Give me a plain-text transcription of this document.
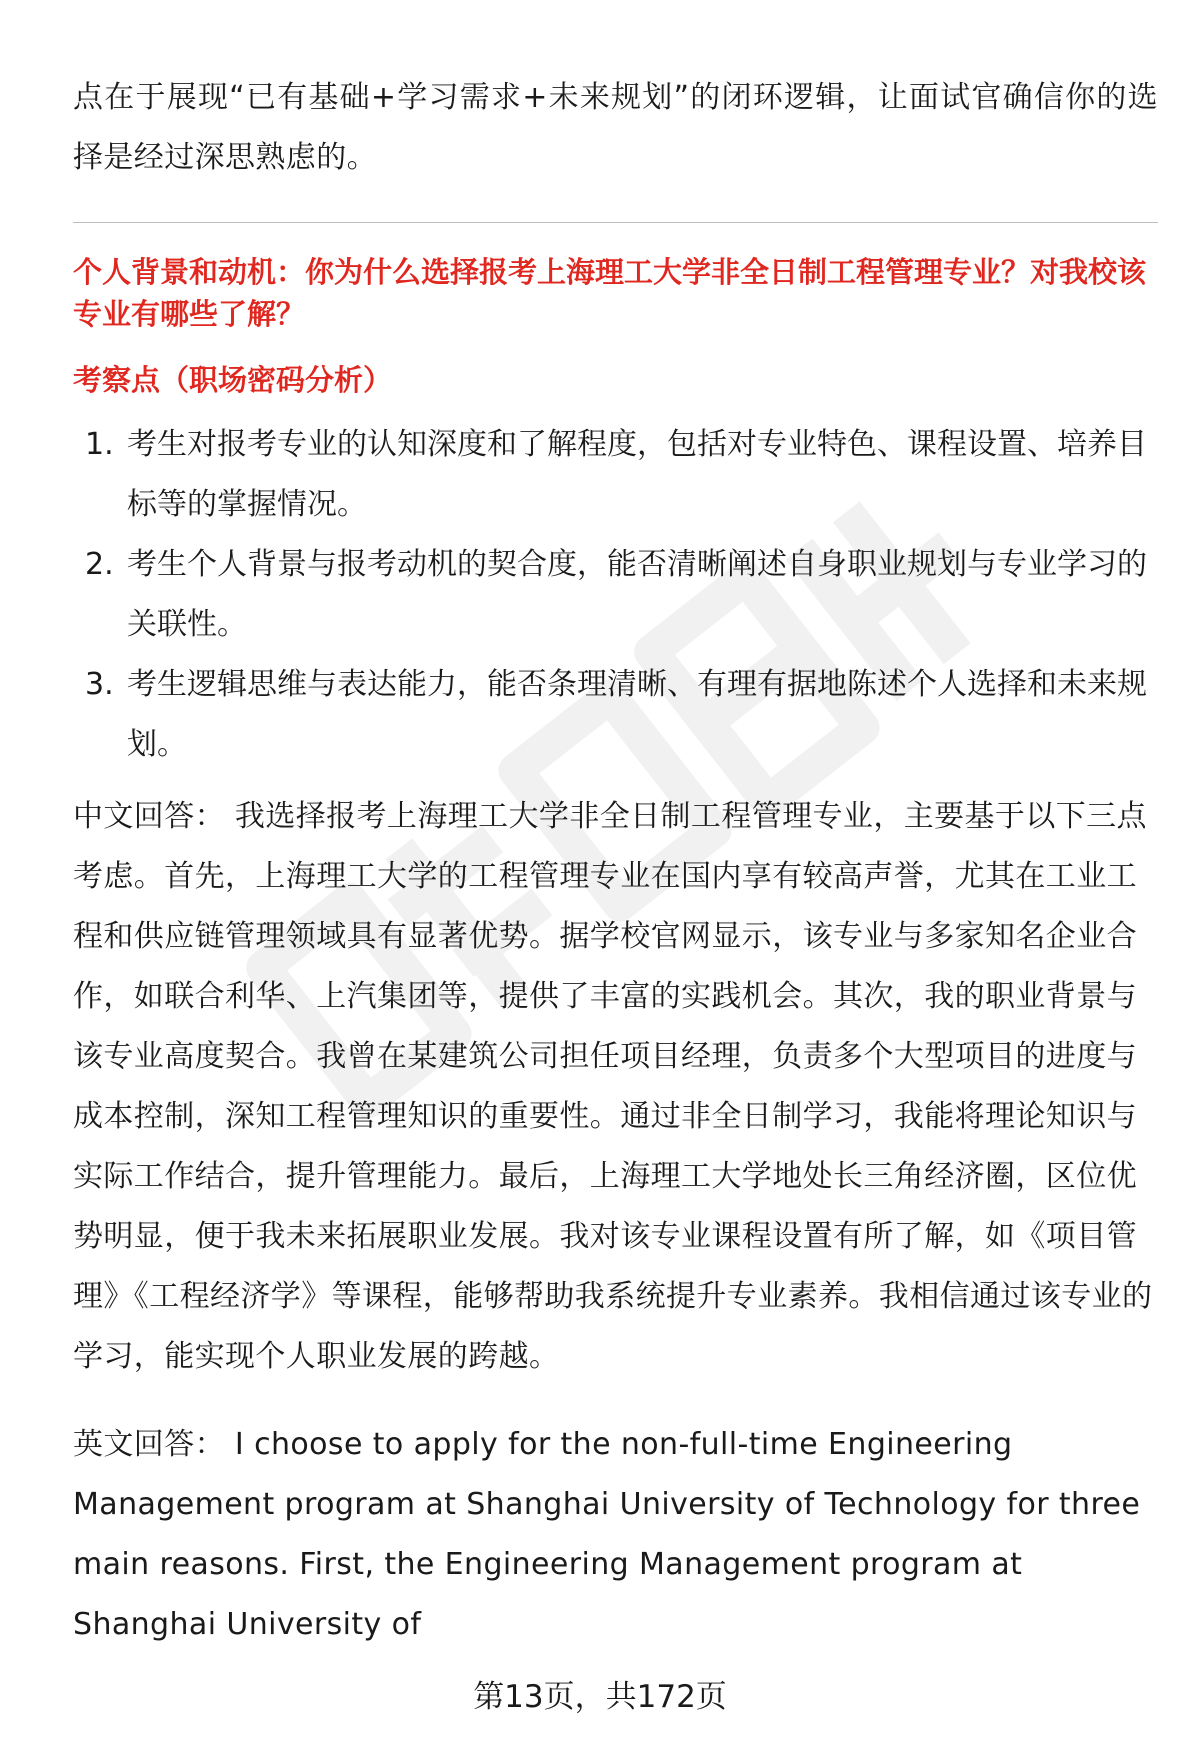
点在于展现“已有基础+学习需求+未来规划”的闭环逻辑，让面试官确信你的选择是经过深思熟虑的。

个人背景和动机：你为什么选择报考上海理工大学非全日制工程管理专业？对我校该专业有哪些了解？

考察点（职场密码分析）

1. 考生对报考专业的认知深度和了解程度，包括对专业特色、课程设置、培养目标等的掌握情况。
2. 考生个人背景与报考动机的契合度，能否清晰阐述自身职业规划与专业学习的关联性。
3. 考生逻辑思维与表达能力，能否条理清晰、有理有据地陈述个人选择和未来规划。

中文回答： 我选择报考上海理工大学非全日制工程管理专业，主要基于以下三点考虑。首先，上海理工大学的工程管理专业在国内享有较高声誉，尤其在工业工程和供应链管理领域具有显著优势。据学校官网显示，该专业与多家知名企业合作，如联合利华、上汽集团等，提供了丰富的实践机会。其次，我的职业背景与该专业高度契合。我曾在某建筑公司担任项目经理，负责多个大型项目的进度与成本控制，深知工程管理知识的重要性。通过非全日制学习，我能将理论知识与实际工作结合，提升管理能力。最后，上海理工大学地处长三角经济圈，区位优势明显，便于我未来拓展职业发展。我对该专业课程设置有所了解，如《项目管理》《工程经济学》等课程，能够帮助我系统提升专业素养。我相信通过该专业的学习，能实现个人职业发展的跨越。

英文回答： I choose to apply for the non-full-time Engineering Management program at Shanghai University of Technology for three main reasons. First, the Engineering Management program at Shanghai University of

第13页，共172页
